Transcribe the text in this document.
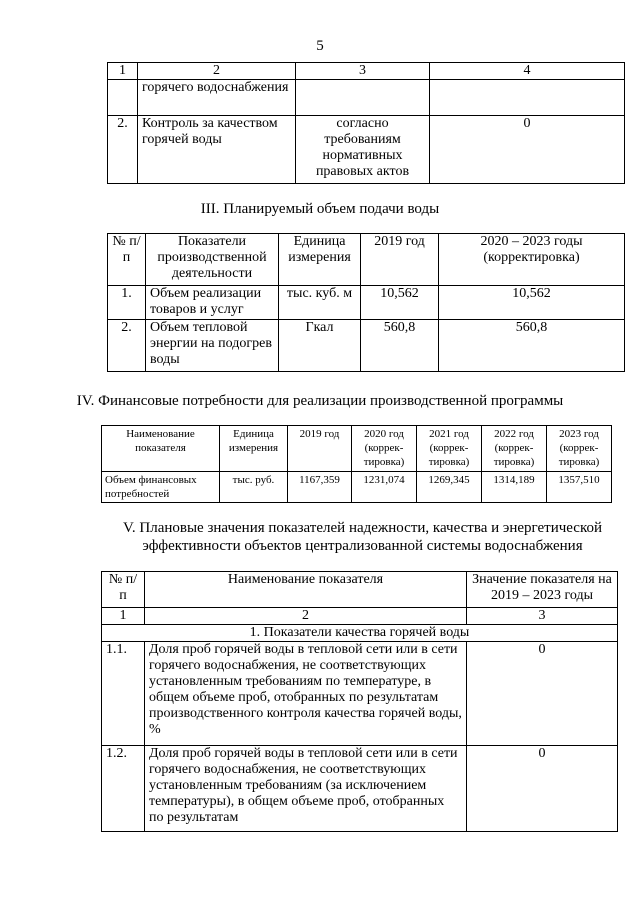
5
1	2	3	4
	горячего водоснабжения		
2.	Контроль за качеством горячей воды	согласно требованиям нормативных правовых актов	0
III. Планируемый объем подачи воды
№ п/п	Показатели производственной деятельности	Единица измерения	2019 год	2020 – 2023 годы (корректировка)
1.	Объем реализации товаров и услуг	тыс. куб. м	10,562	10,562
2.	Объем тепловой энергии на подогрев воды	Гкал	560,8	560,8
IV. Финансовые потребности для реализации производственной программы
Наименование показателя	Единица измерения	2019 год	2020 год (коррек-тировка)	2021 год (коррек-тировка)	2022 год (коррек-тировка)	2023 год (коррек-тировка)
Объем финансовых потребностей	тыс. руб.	1167,359	1231,074	1269,345	1314,189	1357,510
V. Плановые значения показателей надежности, качества и энергетической эффективности объектов централизованной системы водоснабжения
№ п/п	Наименование показателя	Значение показателя на 2019 – 2023 годы
1	2	3
1. Показатели качества горячей воды		
1.1.	Доля проб горячей воды в тепловой сети или в сети горячего водоснабжения, не соответствующих установленным требованиям по температуре, в общем объеме проб, отобранных по результатам производственного контроля качества горячей воды, %	0
1.2.	Доля проб горячей воды в тепловой сети или в сети горячего водоснабжения, не соответствующих установленным требованиям (за исключением температуры), в общем объеме проб, отобранных по результатам	0
